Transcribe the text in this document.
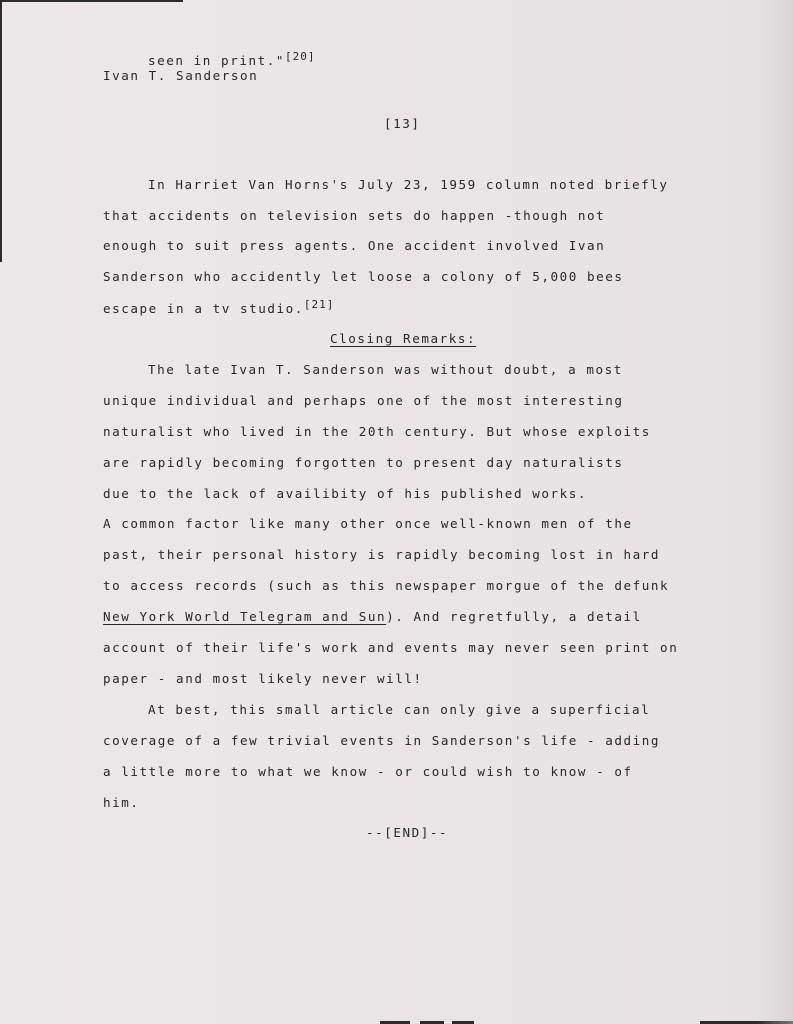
seen in print."[20]
Ivan T. Sanderson
[13]
In Harriet Van Horns's July 23, 1959 column noted briefly
that accidents on television sets do happen -though not
enough to suit press agents. One accident involved Ivan
Sanderson who accidently let loose a colony of 5,000 bees
escape in a tv studio.[21]
Closing Remarks:
The late Ivan T. Sanderson was without doubt, a most
unique individual and perhaps one of the most interesting
naturalist who lived in the 20th century. But whose exploits
are rapidly becoming forgotten to present day naturalists
due to the lack of availibity of his published works.
A common factor like many other once well-known men of the
past, their personal history is rapidly becoming lost in hard
to access records (such as this newspaper morgue of the defunk
New York World Telegram and Sun). And regretfully, a detail
account of their life's work and events may never seen print on
paper - and most likely never will!
At best, this small article can only give a superficial
coverage of a few trivial events in Sanderson's life - adding
a little more to what we know - or could wish to know - of
him.
--[END]--
